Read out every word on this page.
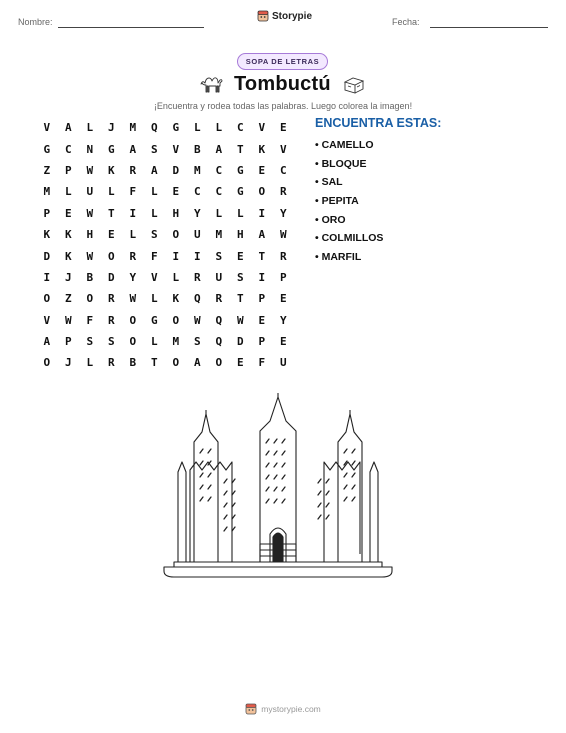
Nombre:
Storypie
Fecha:
SOPA DE LETRAS
Tombuctú
¡Encuentra y rodea todas las palabras. Luego colorea la imagen!
V	A	L	J	M	Q	G	L	L	C	V	E
G	C	N	G	A	S	V	B	A	T	K	V
Z	P	W	K	R	A	D	M	C	G	E	C
M	L	U	L	F	L	E	C	C	G	O	R
P	E	W	T	I	L	H	Y	L	L	I	Y
K	K	H	E	L	S	O	U	M	H	A	W
D	K	W	O	R	F	I	I	S	E	T	R
I	J	B	D	Y	V	L	R	U	S	I	P
O	Z	O	R	W	L	K	Q	R	T	P	E
V	W	F	R	O	G	O	W	Q	W	E	Y
A	P	S	S	O	L	M	S	Q	D	P	E
O	J	L	R	B	T	O	A	O	E	F	U
ENCUENTRA ESTAS:
• CAMELLO
• BLOQUE
• SAL
• PEPITA
• ORO
• COLMILLOS
• MARFIL
mystorypie.com
